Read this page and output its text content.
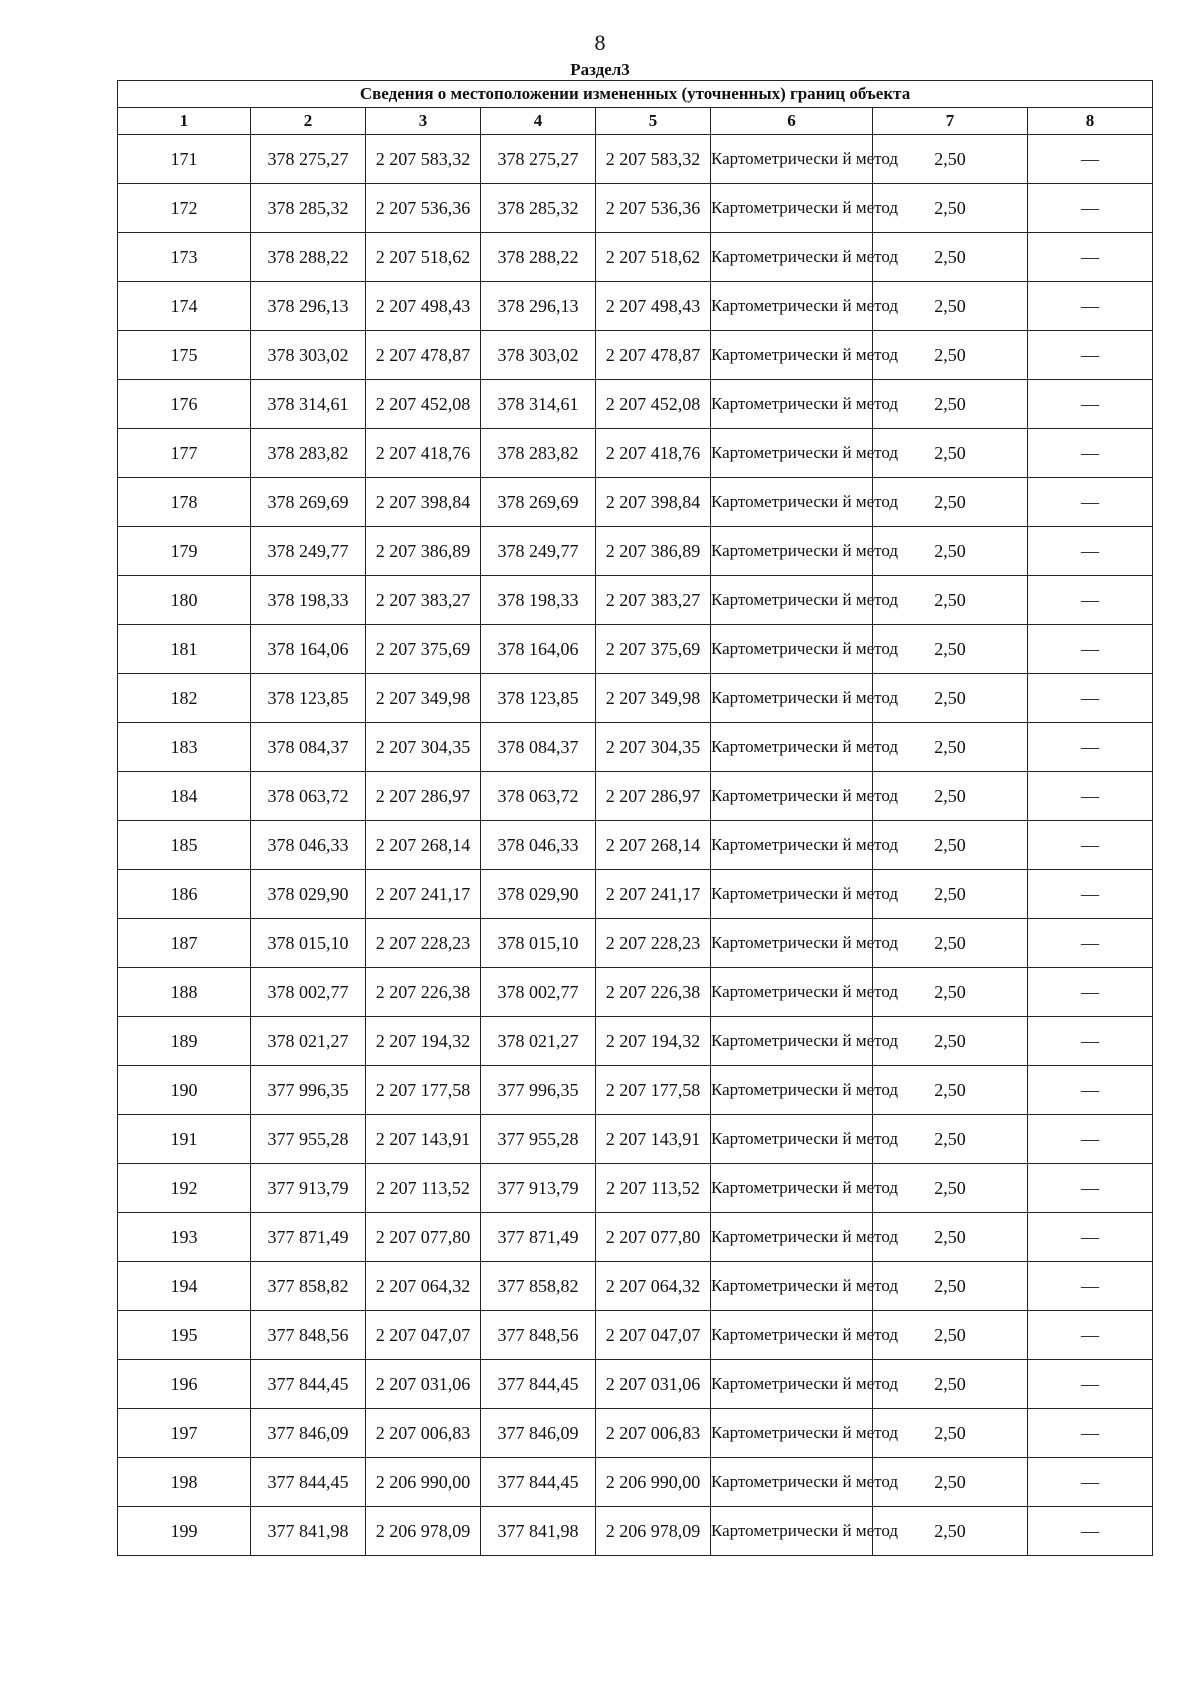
8
Раздел3
Сведения о местоположении измененных (уточненных) границ объекта							
1	2	3	4	5	6	7	8
171	378 275,27	2 207 583,32	378 275,27	2 207 583,32	Картометрически й метод	2,50	—
172	378 285,32	2 207 536,36	378 285,32	2 207 536,36	Картометрически й метод	2,50	—
173	378 288,22	2 207 518,62	378 288,22	2 207 518,62	Картометрически й метод	2,50	—
174	378 296,13	2 207 498,43	378 296,13	2 207 498,43	Картометрически й метод	2,50	—
175	378 303,02	2 207 478,87	378 303,02	2 207 478,87	Картометрически й метод	2,50	—
176	378 314,61	2 207 452,08	378 314,61	2 207 452,08	Картометрически й метод	2,50	—
177	378 283,82	2 207 418,76	378 283,82	2 207 418,76	Картометрически й метод	2,50	—
178	378 269,69	2 207 398,84	378 269,69	2 207 398,84	Картометрически й метод	2,50	—
179	378 249,77	2 207 386,89	378 249,77	2 207 386,89	Картометрически й метод	2,50	—
180	378 198,33	2 207 383,27	378 198,33	2 207 383,27	Картометрически й метод	2,50	—
181	378 164,06	2 207 375,69	378 164,06	2 207 375,69	Картометрически й метод	2,50	—
182	378 123,85	2 207 349,98	378 123,85	2 207 349,98	Картометрически й метод	2,50	—
183	378 084,37	2 207 304,35	378 084,37	2 207 304,35	Картометрически й метод	2,50	—
184	378 063,72	2 207 286,97	378 063,72	2 207 286,97	Картометрически й метод	2,50	—
185	378 046,33	2 207 268,14	378 046,33	2 207 268,14	Картометрически й метод	2,50	—
186	378 029,90	2 207 241,17	378 029,90	2 207 241,17	Картометрически й метод	2,50	—
187	378 015,10	2 207 228,23	378 015,10	2 207 228,23	Картометрически й метод	2,50	—
188	378 002,77	2 207 226,38	378 002,77	2 207 226,38	Картометрически й метод	2,50	—
189	378 021,27	2 207 194,32	378 021,27	2 207 194,32	Картометрически й метод	2,50	—
190	377 996,35	2 207 177,58	377 996,35	2 207 177,58	Картометрически й метод	2,50	—
191	377 955,28	2 207 143,91	377 955,28	2 207 143,91	Картометрически й метод	2,50	—
192	377 913,79	2 207 113,52	377 913,79	2 207 113,52	Картометрически й метод	2,50	—
193	377 871,49	2 207 077,80	377 871,49	2 207 077,80	Картометрически й метод	2,50	—
194	377 858,82	2 207 064,32	377 858,82	2 207 064,32	Картометрически й метод	2,50	—
195	377 848,56	2 207 047,07	377 848,56	2 207 047,07	Картометрически й метод	2,50	—
196	377 844,45	2 207 031,06	377 844,45	2 207 031,06	Картометрически й метод	2,50	—
197	377 846,09	2 207 006,83	377 846,09	2 207 006,83	Картометрически й метод	2,50	—
198	377 844,45	2 206 990,00	377 844,45	2 206 990,00	Картометрически й метод	2,50	—
199	377 841,98	2 206 978,09	377 841,98	2 206 978,09	Картометрически й метод	2,50	—
